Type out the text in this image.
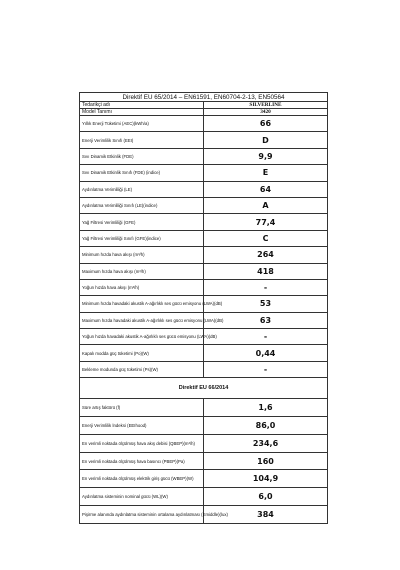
Direktif EU 65/2014 – EN61591, EN60704-2-13, EN50564	
Tedarikçi adı	SILVERLINE
Model Tanımı	3420
Yıllık Enerji Tüketimi (AEC)(kWh/a)	66
Enerji Verimlilik Sınıfı (EEI)	D
Sıvı Dinamik Etkinlik (FDE)	9,9
Sıvı Dinamik Etkinlik Sınıfı (FDE) (indice)	E
Aydınlatma Verimliliği (LE)	64
Aydınlatma Verimliliği Sınıfı (LE)(indice)	A
Yağ Filtresi Verimliliği (GFE)	77,4
Yağ Filtresi Verimliliği Sınıfı (GFE)(indice)	C
Minimum hızda hava akışı (m³/h)	264
Maximum hızda hava akışı (m³/h)	418
Yoğun hızda hava akışı (m³/h)	-
Minimum hızda havadaki akustik A-ağırlıklı ses gücü emisyonu (LWA)(dB)	53
Maximum hızda havadaki akustik A-ağırlıklı ses gücü emisyonu (LWA)(dB)	63
Yoğun hızda havadaki akustik A-ağırlıklı ses gücü emisyonu (LWA)(dB)	-
Kapalı modda güç tüketimi (Po)(W)	0,44
Bekleme modunda güç tüketimi (Ps)(W)	-
Direktif EU 66/2014	
Süre artış faktörü (f)	1,6
Enerji Verimlilik İndeksi (EEIhood)	86,0
En verimli noktada ölçülmüş hava akış debisi (QBEP)(m³/h)	234,6
En verimli noktada ölçülmüş hava basıncı (PBEP)(Pa)	160
En verimli noktada ölçülmüş elektrik giriş gücü (WBEP)(W)	104,9
Aydınlatma sisteminin nominal gücü (WL)(W)	6,0
Pişirme alanında aydınlatma sisteminin ortalama aydınlatması (Emiddle)(lux)	384
